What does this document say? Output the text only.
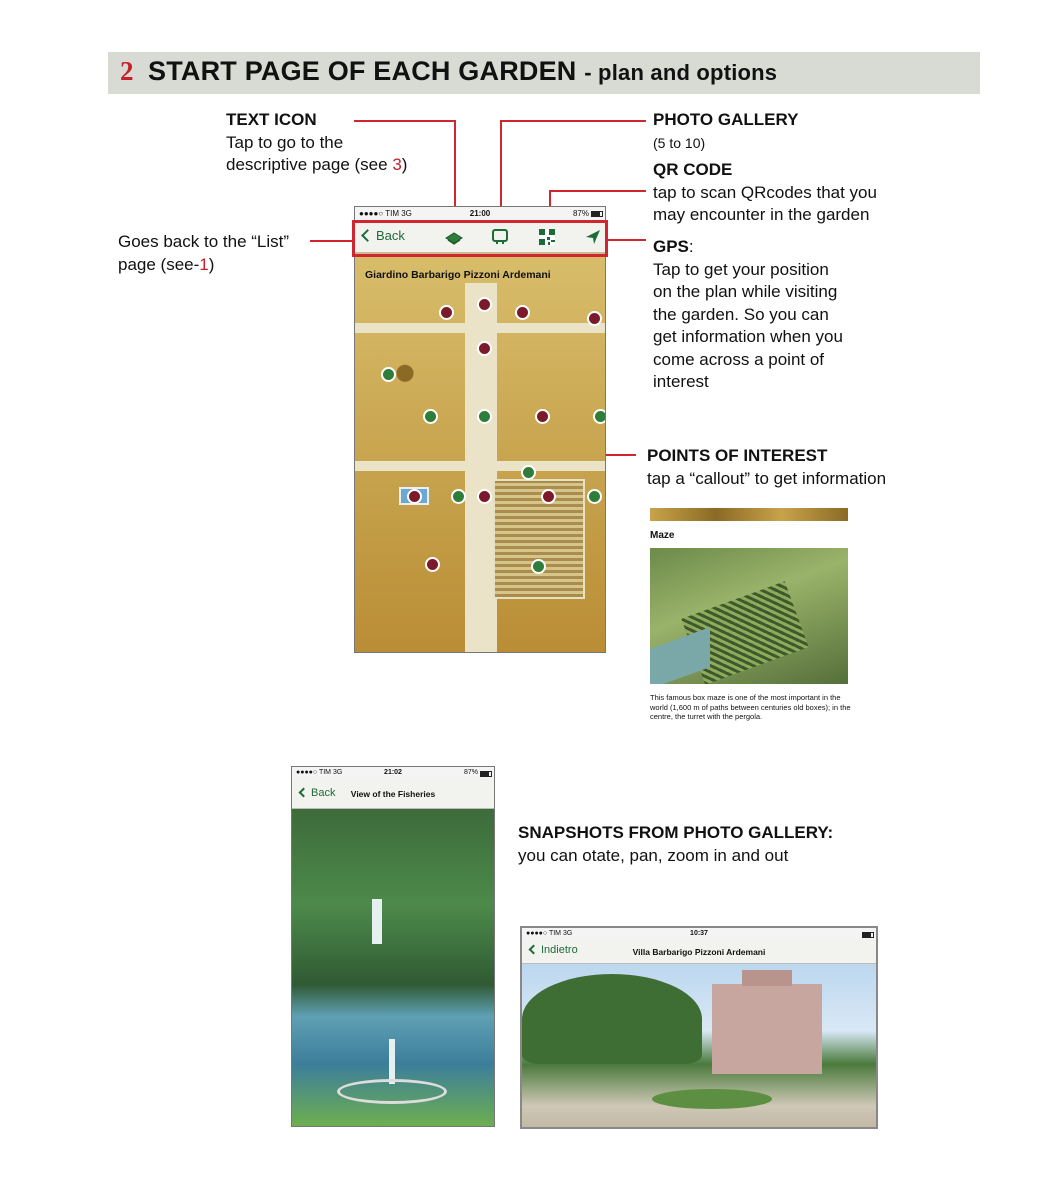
2 START PAGE OF EACH GARDEN - plan and options
TEXT ICON
Tap to go to the
descriptive page (see 3)
PHOTO GALLERY
(5 to 10)
QR CODE
tap to scan QRcodes that you
may encounter in the garden
Goes back to the “List”
page (see-1)
GPS:
Tap to get your position
on the plan while visiting
the garden. So you can
get information when you
come across a point of
interest
POINTS OF INTEREST
tap a “callout” to get information
●●●●○ TIM 3G	21:00	87%
Back
Giardino Barbarigo Pizzoni Ardemani
Maze
This famous box maze is one of the most important in the world (1,600 m of paths between centuries old boxes); in the centre, the turret with the pergola.
●●●●○ TIM 3G	21:02	87%
Back	View of the Fisheries
SNAPSHOTS FROM PHOTO GALLERY:
you can otate, pan, zoom in and out
●●●●○ TIM 3G	10:37
Indietro	Villa Barbarigo Pizzoni Ardemani
